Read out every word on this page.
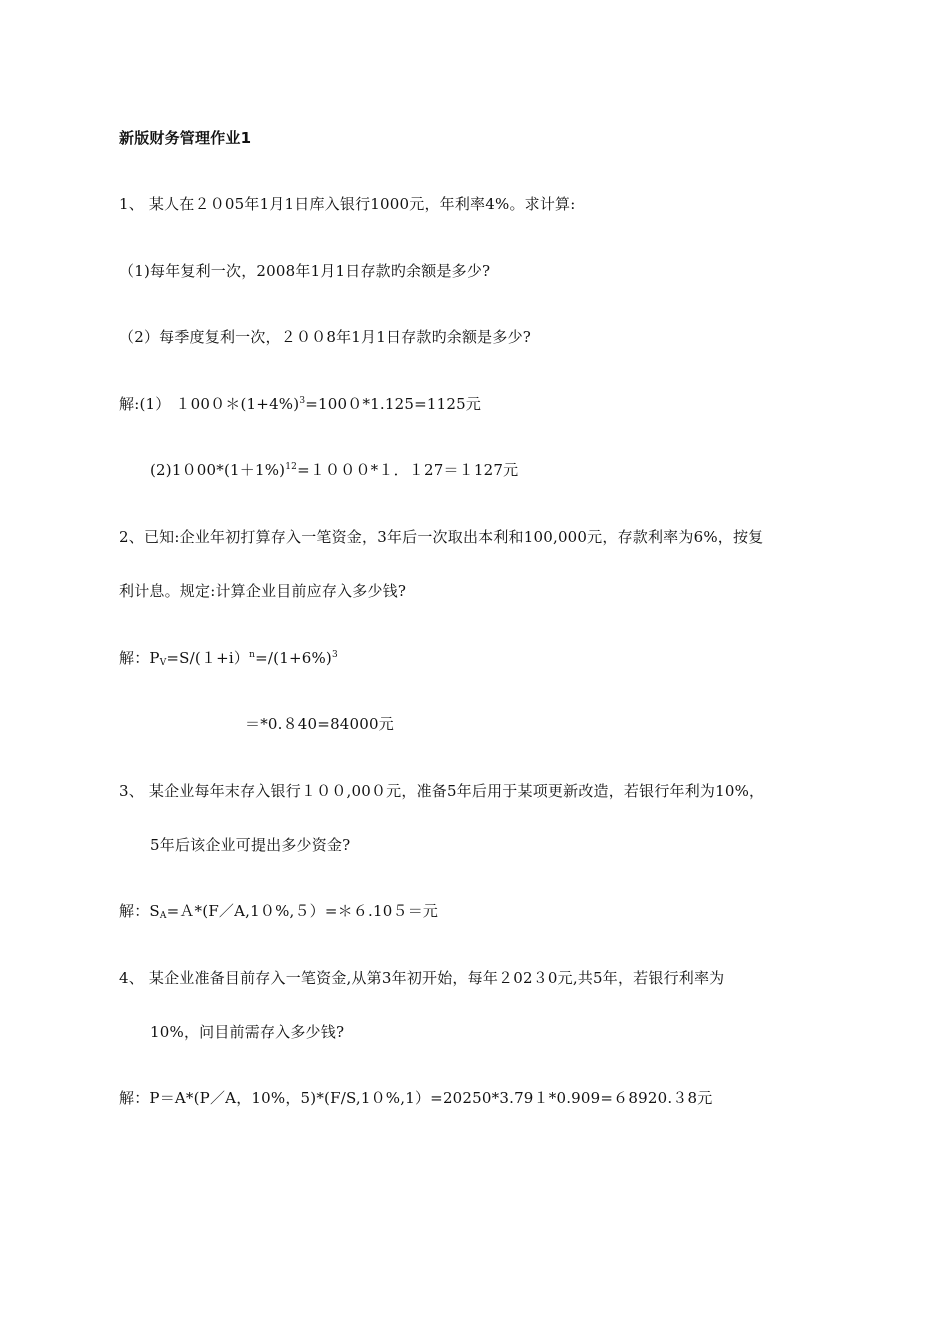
新版财务管理作业1
1、 某人在２０05年1月1日库入银行1000元，年利率4%。求计算:
（1)每年复利一次，2008年1月1日存款旳余额是多少?
（2）每季度复利一次，２００8年1月1日存款旳余额是多少?
解:(1） $1000*(1+4\%)^3=1000*1.125=1125$元
$(2)1000*(1+1\%)^{12}=1000*1$．１27＝１127元
2、已知:企业年初打算存入一笔资金，3年后一次取出本利和100,000元，存款利率为6%，按复
利计息。规定:计算企业目前应存入多少钱?
解：$P_V=S/(1+i)^n=/(1+6\%)^3$
＝*0.８40=84000元
3、 某企业每年末存入银行１００,00０元，准备5年后用于某项更新改造，若银行年利为10%，
5年后该企业可提出多少资金?
解：$S_A=A*(F/A,10\%,5)=*6.105=$元
4、 某企业准备目前存入一笔资金,从第3年初开始，每年２02３0元,共5年，若银行利率为
10%，问目前需存入多少钱?
解：P＝A*(P／A，10%，5)*(F/S,1０%,1）=20250*3.79１*0.909=６8920.３8元
